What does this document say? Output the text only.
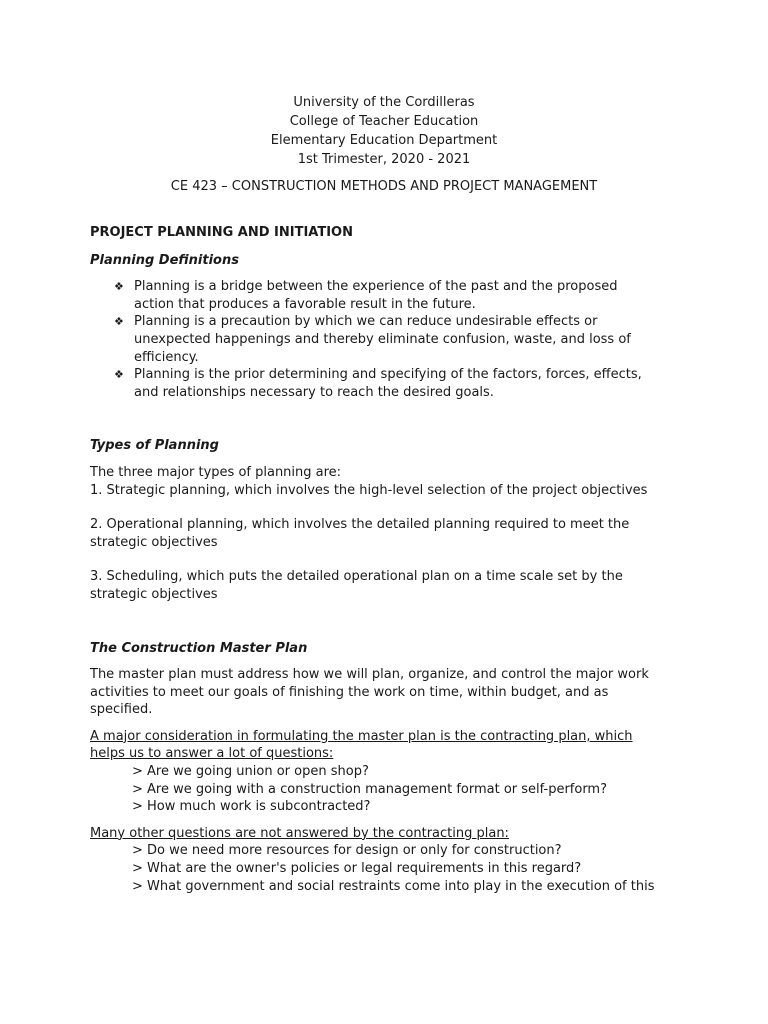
University of the Cordilleras
College of Teacher Education
Elementary Education Department
1st Trimester, 2020 - 2021
CE 423 – CONSTRUCTION METHODS AND PROJECT MANAGEMENT
PROJECT PLANNING AND INITIATION
Planning Definitions
❖ Planning is a bridge between the experience of the past and the proposed
action that produces a favorable result in the future.
❖ Planning is a precaution by which we can reduce undesirable effects or
unexpected happenings and thereby eliminate confusion, waste, and loss of
efficiency.
❖ Planning is the prior determining and specifying of the factors, forces, effects,
and relationships necessary to reach the desired goals.
Types of Planning

The three major types of planning are:

1. Strategic planning, which involves the high-level selection of the project objectives

2. Operational planning, which involves the detailed planning required to meet the

strategic objectives

3. Scheduling, which puts the detailed operational plan on a time scale set by the

strategic objectives

The Construction Master Plan

The master plan must address how we will plan, organize, and control the major work

activities to meet our goals of finishing the work on time, within budget, and as

specified.

A major consideration in formulating the master plan is the contracting plan, which

helps us to answer a lot of questions:

> Are we going union or open shop?

> Are we going with a construction management format or self-perform?

> How much work is subcontracted?

Many other questions are not answered by the contracting plan:

> Do we need more resources for design or only for construction?

> What are the owner's policies or legal requirements in this regard?

> What government and social restraints come into play in the execution of this
